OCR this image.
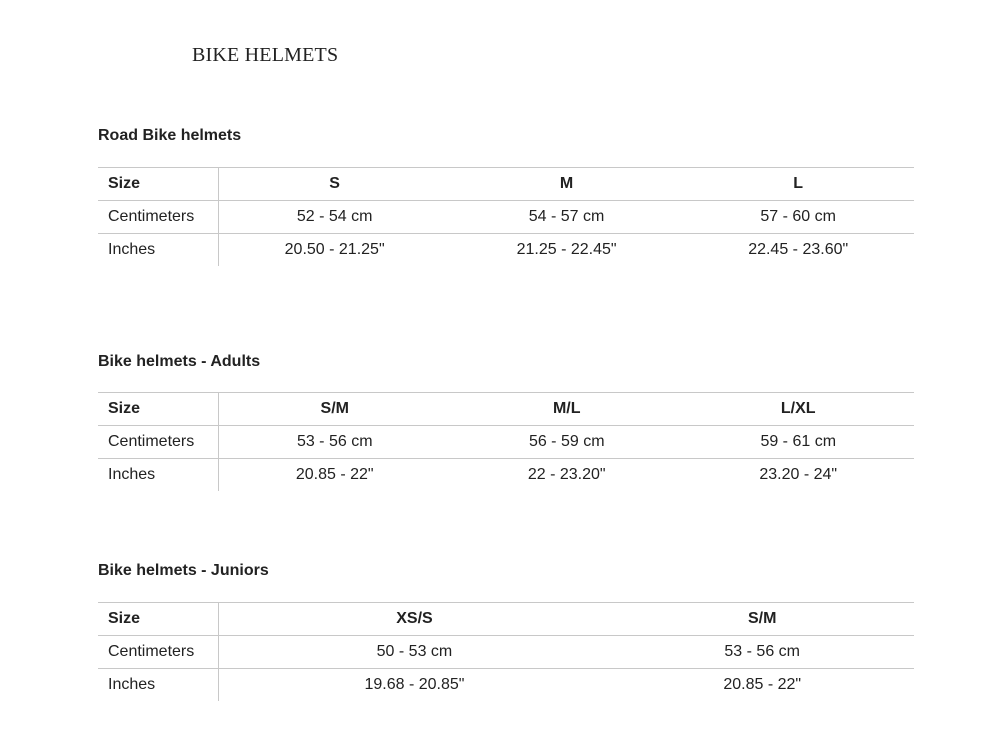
BIKE HELMETS
Road Bike helmets
Size	S	M	L
Centimeters	52 - 54 cm	54 - 57 cm	57 - 60 cm
Inches	20.50 - 21.25"	21.25 - 22.45"	22.45 - 23.60"
Bike helmets - Adults
Size	S/M	M/L	L/XL
Centimeters	53 - 56 cm	56 - 59 cm	59 - 61 cm
Inches	20.85 - 22"	22 - 23.20"	23.20 - 24"
Bike helmets - Juniors
Size	XS/S	S/M
Centimeters	50 - 53 cm	53 - 56 cm
Inches	19.68 - 20.85"	20.85 - 22"
